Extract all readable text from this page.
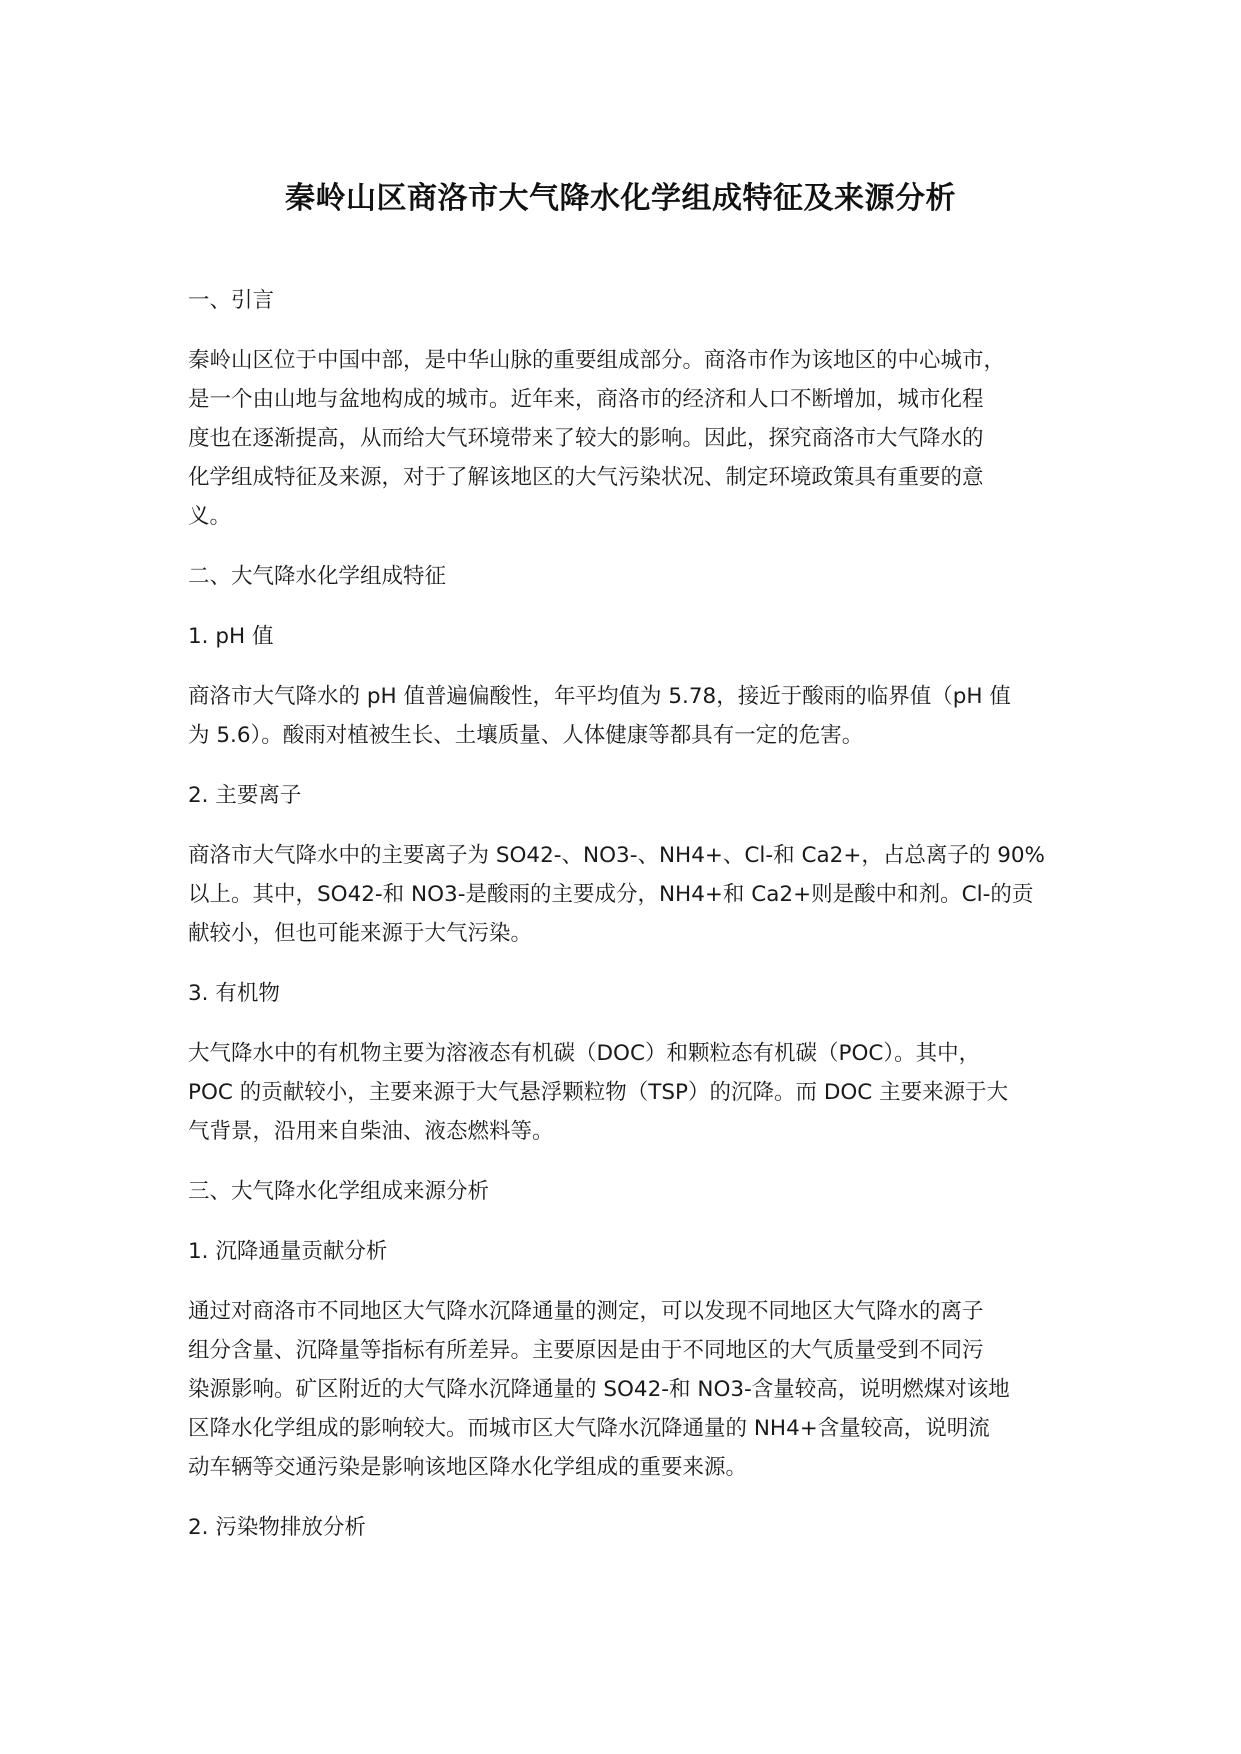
秦岭山区商洛市大气降水化学组成特征及来源分析
一、引言
秦岭山区位于中国中部，是中华山脉的重要组成部分。商洛市作为该地区的中心城市，
是一个由山地与盆地构成的城市。近年来，商洛市的经济和人口不断增加，城市化程
度也在逐渐提高，从而给大气环境带来了较大的影响。因此，探究商洛市大气降水的
化学组成特征及来源，对于了解该地区的大气污染状况、制定环境政策具有重要的意
义。
二、大气降水化学组成特征
1. pH 值
商洛市大气降水的 pH 值普遍偏酸性，年平均值为 5.78，接近于酸雨的临界值（pH 值
为 5.6）。酸雨对植被生长、土壤质量、人体健康等都具有一定的危害。
2. 主要离子
商洛市大气降水中的主要离子为 SO42-、NO3-、NH4+、Cl-和 Ca2+，占总离子的 90%
以上。其中，SO42-和 NO3-是酸雨的主要成分，NH4+和 Ca2+则是酸中和剂。Cl-的贡
献较小，但也可能来源于大气污染。
3. 有机物
大气降水中的有机物主要为溶液态有机碳（DOC）和颗粒态有机碳（POC）。其中，
POC 的贡献较小，主要来源于大气悬浮颗粒物（TSP）的沉降。而 DOC 主要来源于大
气背景，沿用来自柴油、液态燃料等。
三、大气降水化学组成来源分析
1. 沉降通量贡献分析
通过对商洛市不同地区大气降水沉降通量的测定，可以发现不同地区大气降水的离子
组分含量、沉降量等指标有所差异。主要原因是由于不同地区的大气质量受到不同污
染源影响。矿区附近的大气降水沉降通量的 SO42-和 NO3-含量较高，说明燃煤对该地
区降水化学组成的影响较大。而城市区大气降水沉降通量的 NH4+含量较高，说明流
动车辆等交通污染是影响该地区降水化学组成的重要来源。
2. 污染物排放分析
